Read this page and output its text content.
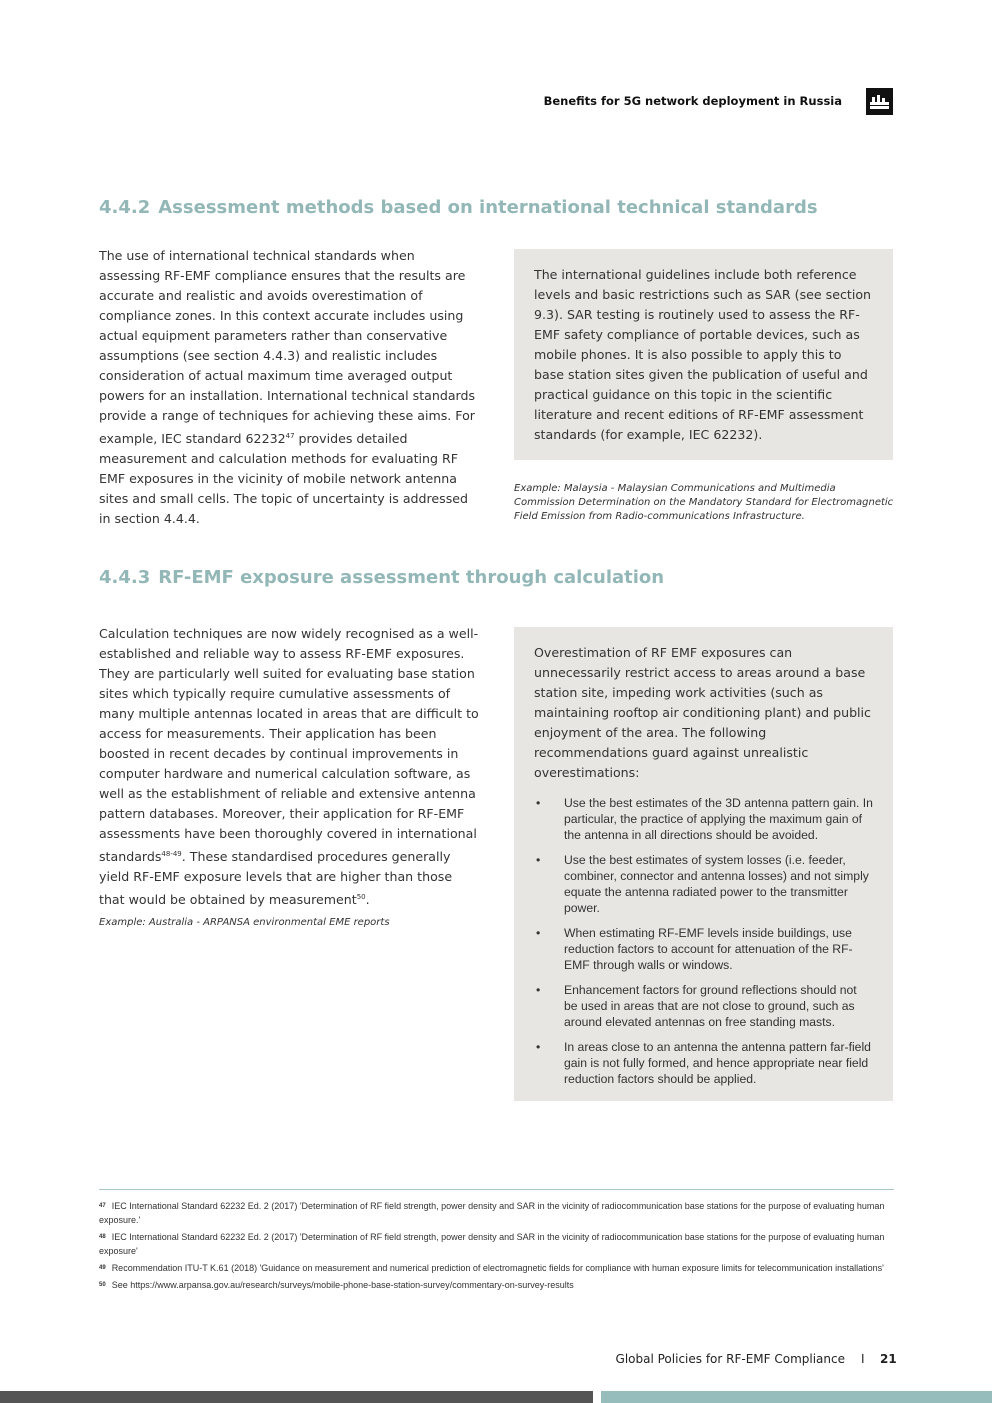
Benefits for 5G network deployment in Russia
4.4.2 Assessment methods based on international technical standards

The use of international technical standards when assessing RF-EMF compliance ensures that the results are accurate and realistic and avoids overestimation of compliance zones. In this context accurate includes using actual equipment parameters rather than conservative assumptions (see section 4.4.3) and realistic includes consideration of actual maximum time averaged output powers for an installation. International technical standards provide a range of techniques for achieving these aims. For example, IEC standard 62232$^{47}$ provides detailed measurement and calculation methods for evaluating RF EMF exposures in the vicinity of mobile network antenna sites and small cells. The topic of uncertainty is addressed in section 4.4.4.

The international guidelines include both reference levels and basic restrictions such as SAR (see section 9.3). SAR testing is routinely used to assess the RF-EMF safety compliance of portable devices, such as mobile phones. It is also possible to apply this to base station sites given the publication of useful and practical guidance on this topic in the scientific literature and recent editions of RF-EMF assessment standards (for example, IEC 62232).

Example: Malaysia - Malaysian Communications and Multimedia Commission Determination on the Mandatory Standard for Electromagnetic Field Emission from Radio-communications Infrastructure.

4.4.3 RF-EMF exposure assessment through calculation

Calculation techniques are now widely recognised as a well-established and reliable way to assess RF-EMF exposures. They are particularly well suited for evaluating base station sites which typically require cumulative assessments of many multiple antennas located in areas that are difficult to access for measurements. Their application has been boosted in recent decades by continual improvements in computer hardware and numerical calculation software, as well as the establishment of reliable and extensive antenna pattern databases. Moreover, their application for RF-EMF assessments have been thoroughly covered in international standards$^{48-49}$. These standardised procedures generally yield RF-EMF exposure levels that are higher than those that would be obtained by measurement$^{50}$.

Example: Australia - ARPANSA environmental EME reports

Overestimation of RF EMF exposures can unnecessarily restrict access to areas around a base station site, impeding work activities (such as maintaining rooftop air conditioning plant) and public enjoyment of the area. The following recommendations guard against unrealistic overestimations:

• Use the best estimates of the 3D antenna pattern gain. In particular, the practice of applying the maximum gain of the antenna in all directions should be avoided.
• Use the best estimates of system losses (i.e. feeder, combiner, connector and antenna losses) and not simply equate the antenna radiated power to the transmitter power.
• When estimating RF-EMF levels inside buildings, use reduction factors to account for attenuation of the RF-EMF through walls or windows.
• Enhancement factors for ground reflections should not be used in areas that are not close to ground, such as around elevated antennas on free standing masts.
• In areas close to an antenna the antenna pattern far-field gain is not fully formed, and hence appropriate near field reduction factors should be applied.
$^{47}$ IEC International Standard 62232 Ed. 2 (2017) 'Determination of RF field strength, power density and SAR in the vicinity of radiocommunication base stations for the purpose of evaluating human exposure.'
$^{48}$ IEC International Standard 62232 Ed. 2 (2017) 'Determination of RF field strength, power density and SAR in the vicinity of radiocommunication base stations for the purpose of evaluating human exposure'
$^{49}$ Recommendation ITU-T K.61 (2018) 'Guidance on measurement and numerical prediction of electromagnetic fields for compliance with human exposure limits for telecommunication installations'
$^{50}$ See https://www.arpansa.gov.au/research/surveys/mobile-phone-base-station-survey/commentary-on-survey-results
Global Policies for RF-EMF Compliance I 21
